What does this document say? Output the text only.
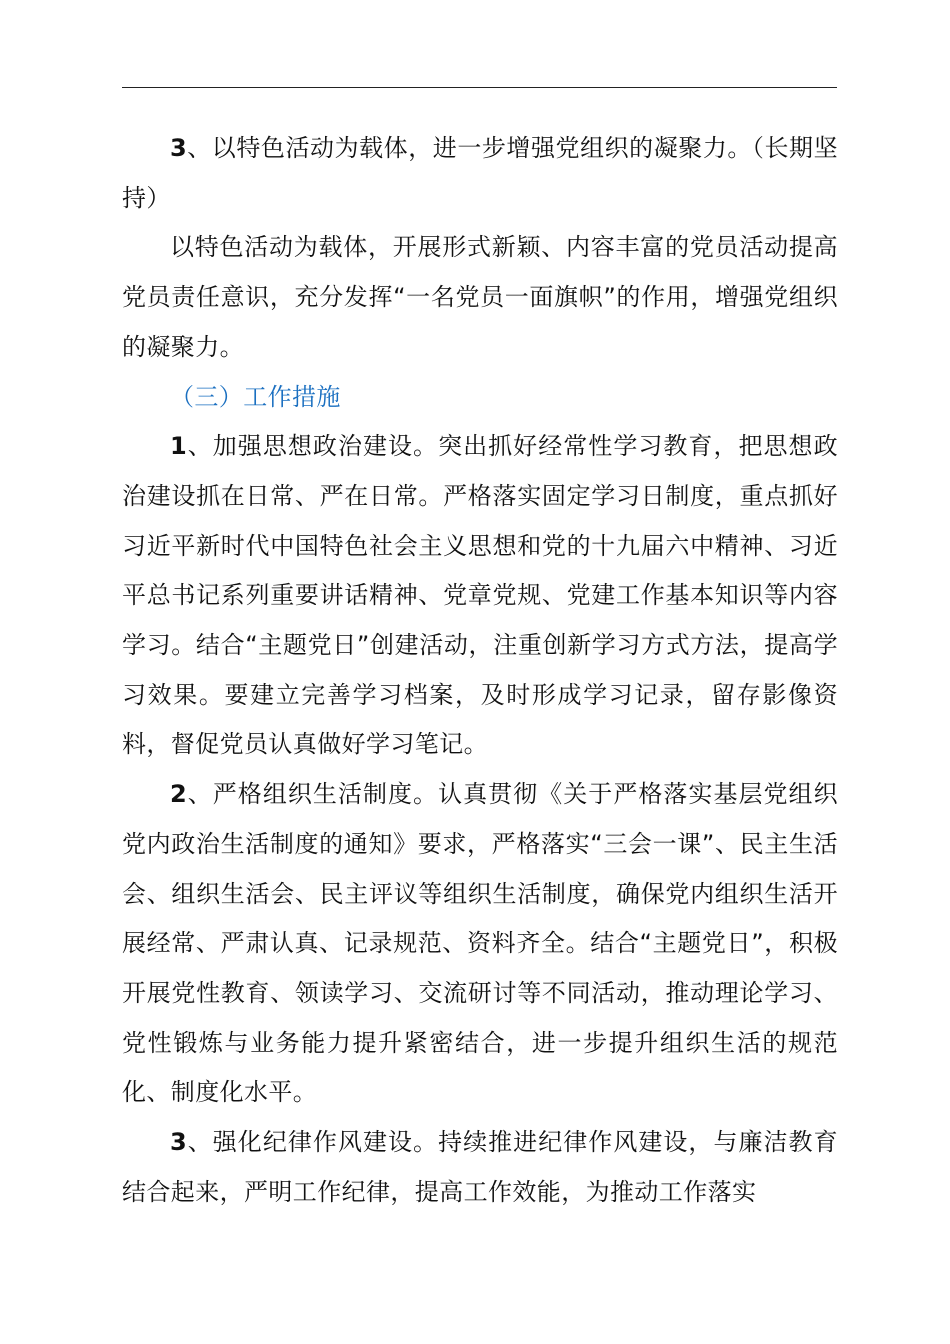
3、以特色活动为载体，进一步增强党组织的凝聚力。（长期坚持）

以特色活动为载体，开展形式新颖、内容丰富的党员活动提高党员责任意识，充分发挥“一名党员一面旗帜”的作用，增强党组织的凝聚力。

（三）工作措施

1、加强思想政治建设。突出抓好经常性学习教育，把思想政治建设抓在日常、严在日常。严格落实固定学习日制度，重点抓好习近平新时代中国特色社会主义思想和党的十九届六中精神、习近平总书记系列重要讲话精神、党章党规、党建工作基本知识等内容学习。结合“主题党日”创建活动，注重创新学习方式方法，提高学习效果。要建立完善学习档案，及时形成学习记录，留存影像资料，督促党员认真做好学习笔记。

2、严格组织生活制度。认真贯彻《关于严格落实基层党组织党内政治生活制度的通知》要求，严格落实“三会一课”、民主生活会、组织生活会、民主评议等组织生活制度，确保党内组织生活开展经常、严肃认真、记录规范、资料齐全。结合“主题党日”，积极开展党性教育、领读学习、交流研讨等不同活动，推动理论学习、党性锻炼与业务能力提升紧密结合，进一步提升组织生活的规范化、制度化水平。

3、强化纪律作风建设。持续推进纪律作风建设，与廉洁教育结合起来，严明工作纪律，提高工作效能，为推动工作落实
